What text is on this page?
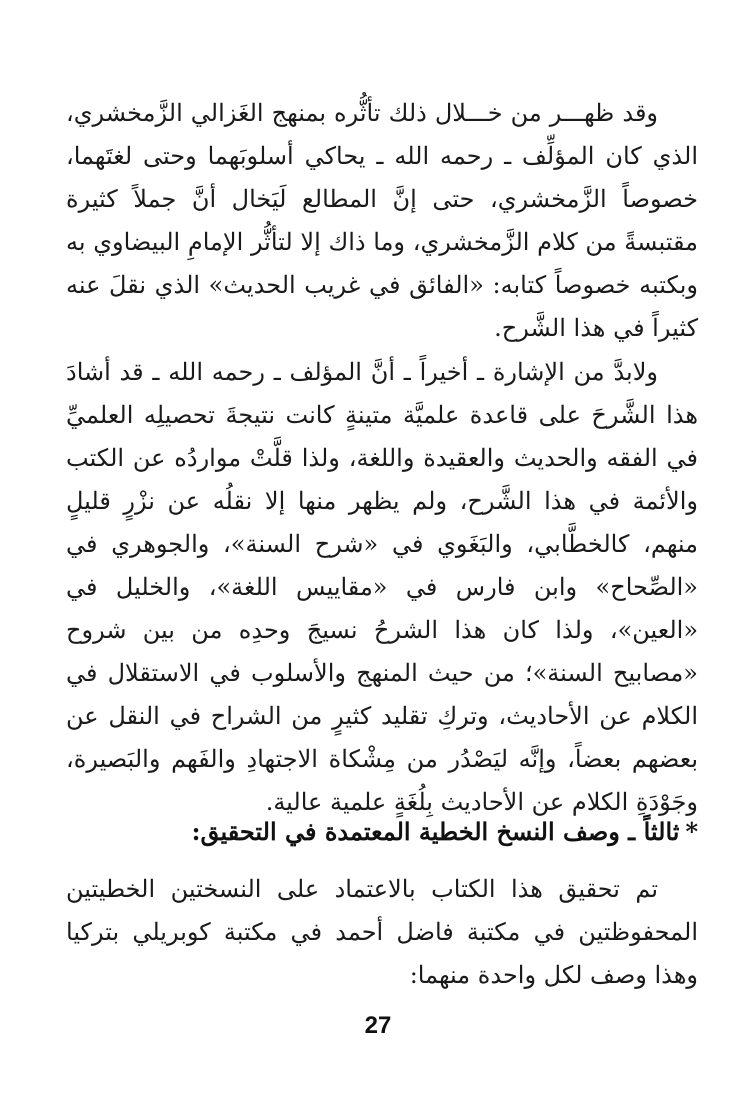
وقد ظهـــر من خـــلال ذلك تأثُّره بمنهج الغَزالي الزَّمخشري، الذي كان المؤلِّف ـ رحمه الله ـ يحاكي أسلوبَهما وحتى لغتَهما، خصوصاً الزَّمخشري، حتى إنَّ المطالع لَيَخال أنَّ جملاً كثيرة مقتبسةً من كلام الزَّمخشري، وما ذاك إلا لتأثُّر الإمامِ البيضاوي به وبكتبه خصوصاً كتابه: «الفائق في غريب الحديث» الذي نقلَ عنه كثيراً في هذا الشَّرح.

ولابدَّ من الإشارة ـ أخيراً ـ أنَّ المؤلف ـ رحمه الله ـ قد أشادَ هذا الشَّرحَ على قاعدة علميَّة متينةٍ كانت نتيجةَ تحصيلِه العلميِّ في الفقه والحديث والعقيدة واللغة، ولذا قلَّتْ مواردُه عن الكتب والأئمة في هذا الشَّرح، ولم يظهر منها إلا نقلُه عن نزْرٍ قليلٍ منهم، كالخطَّابي، والبَغَوي في «شرح السنة»، والجوهري في «الصِّحاح» وابن فارس في «مقاييس اللغة»، والخليل في «العين»، ولذا كان هذا الشرحُ نسيجَ وحدِه من بين شروح «مصابيح السنة»؛ من حيث المنهج والأسلوب في الاستقلال في الكلام عن الأحاديث، وتركِ تقليد كثيرٍ من الشراح في النقل عن بعضهم بعضاً، وإنَّه ليَصْدُر من مِشْكاة الاجتهادِ والفَهم والبَصيرة، وجَوْدَةِ الكلام عن الأحاديث بِلُغَةٍ علمية عالية.

*ثالثاً ـ وصف النسخ الخطية المعتمدة في التحقيق:

تم تحقيق هذا الكتاب بالاعتماد على النسختين الخطيتين المحفوظتين في مكتبة فاضل أحمد في مكتبة كوبريلي بتركيا وهذا وصف لكل واحدة منهما:

27
